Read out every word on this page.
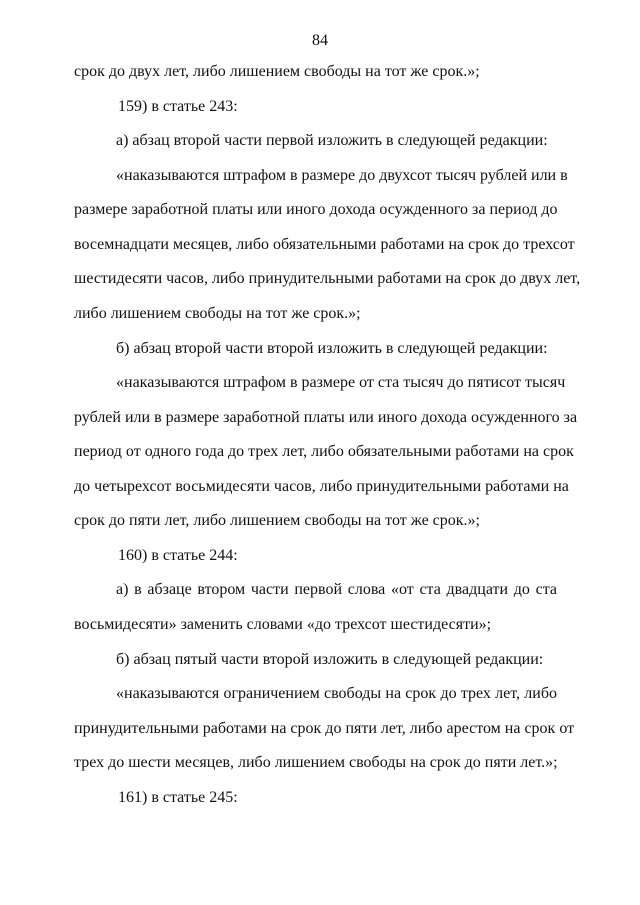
84
срок до двух лет, либо лишением свободы на тот же срок.»;
159) в статье 243:
а) абзац второй части первой изложить в следующей редакции:
«наказываются штрафом в размере до двухсот тысяч рублей или в
размере заработной платы или иного дохода осужденного за период до
восемнадцати месяцев, либо обязательными работами на срок до трехсот
шестидесяти часов, либо принудительными работами на срок до двух лет,
либо лишением свободы на тот же срок.»;
б) абзац второй части второй изложить в следующей редакции:
«наказываются штрафом в размере от ста тысяч до пятисот тысяч
рублей или в размере заработной платы или иного дохода осужденного за
период от одного года до трех лет, либо обязательными работами на срок
до четырехсот восьмидесяти часов, либо принудительными работами на
срок до пяти лет, либо лишением свободы на тот же срок.»;
160) в статье 244:
а) в абзаце втором части первой слова «от ста двадцати до ста
восьмидесяти» заменить словами «до трехсот шестидесяти»;
б) абзац пятый части второй изложить в следующей редакции:
«наказываются ограничением свободы на срок до трех лет, либо
принудительными работами на срок до пяти лет, либо арестом на срок от
трех до шести месяцев, либо лишением свободы на срок до пяти лет.»;
161) в статье 245:
